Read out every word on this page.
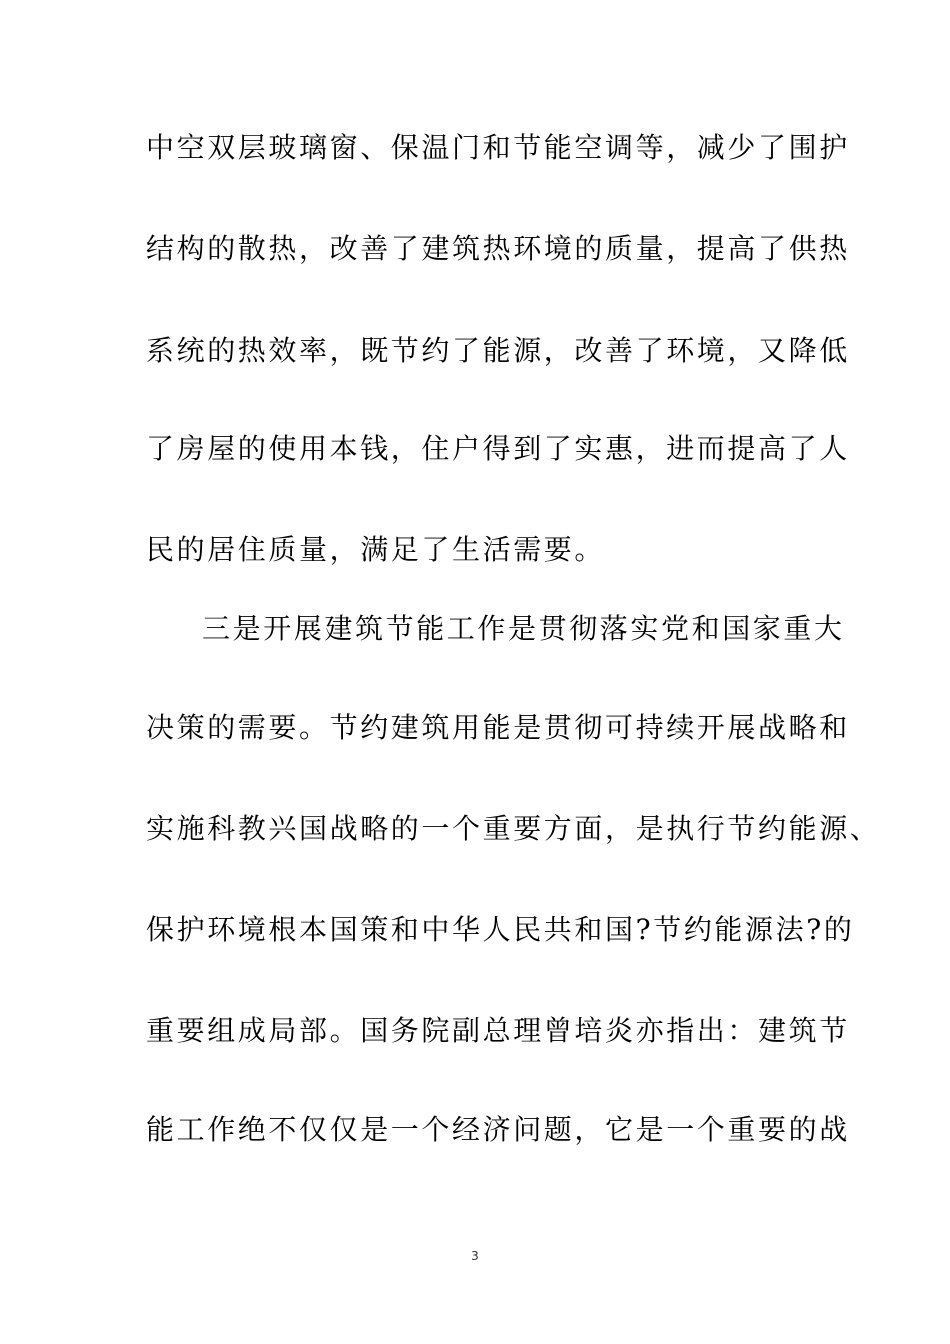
中空双层玻璃窗、保温门和节能空调等，减少了围护
结构的散热，改善了建筑热环境的质量，提高了供热
系统的热效率，既节约了能源，改善了环境，又降低
了房屋的使用本钱，住户得到了实惠，进而提高了人
民的居住质量，满足了生活需要。
三是开展建筑节能工作是贯彻落实党和国家重大
决策的需要。节约建筑用能是贯彻可持续开展战略和
实施科教兴国战略的一个重要方面，是执行节约能源、
保护环境根本国策和中华人民共和国?节约能源法?的
重要组成局部。国务院副总理曾培炎亦指出：建筑节
能工作绝不仅仅是一个经济问题，它是一个重要的战
3
